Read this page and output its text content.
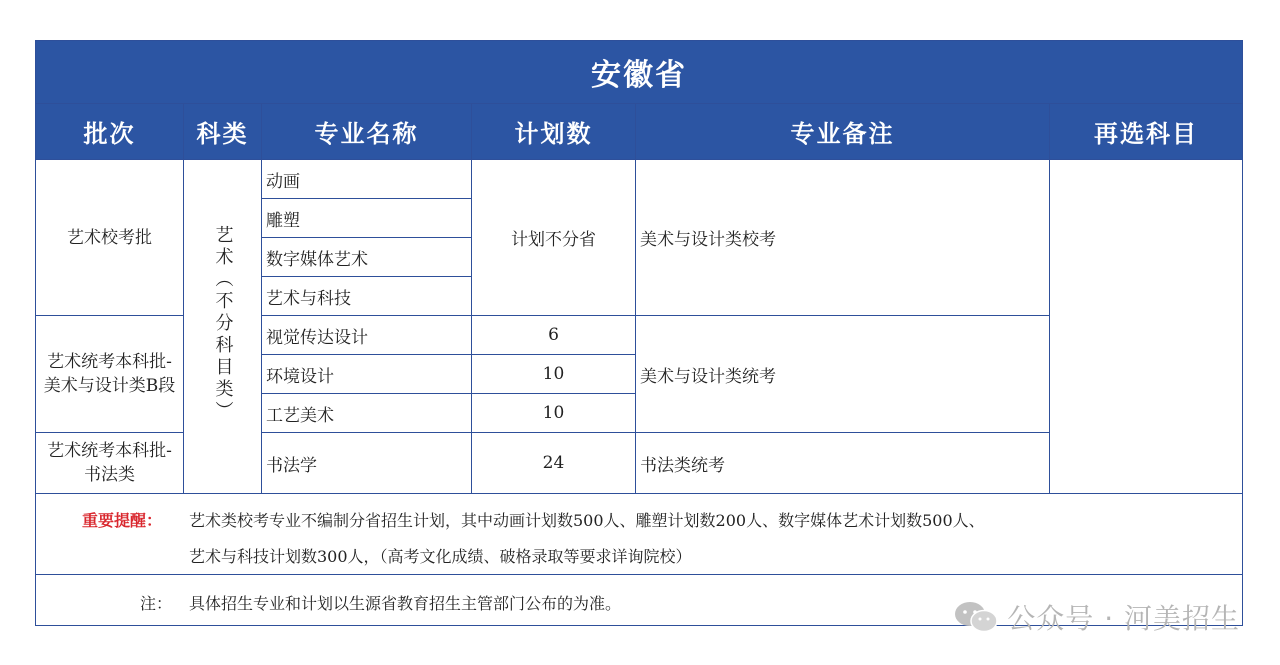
安徽省					
批次	科类	专业名称	计划数	专业备注	再选科目
艺术校考批	艺术（不分科目类）	动画	计划不分省	美术与设计类校考	
		雕塑			
		数字媒体艺术			
		艺术与科技			
艺术统考本科批-美术与设计类B段		视觉传达设计	6	美术与设计类统考	
		环境设计	10		
		工艺美术	10		
艺术统考本科批-书法类		书法学	24	书法类统考	

重要提醒： 艺术类校考专业不编制分省招生计划，其中动画计划数500人、雕塑计划数200人、数字媒体艺术计划数500人、
艺术与科技计划数300人，（高考文化成绩、破格录取等要求详询院校）					

注： 具体招生专业和计划以生源省教育招生主管部门公布的为准。						公众号 · 河美招生
